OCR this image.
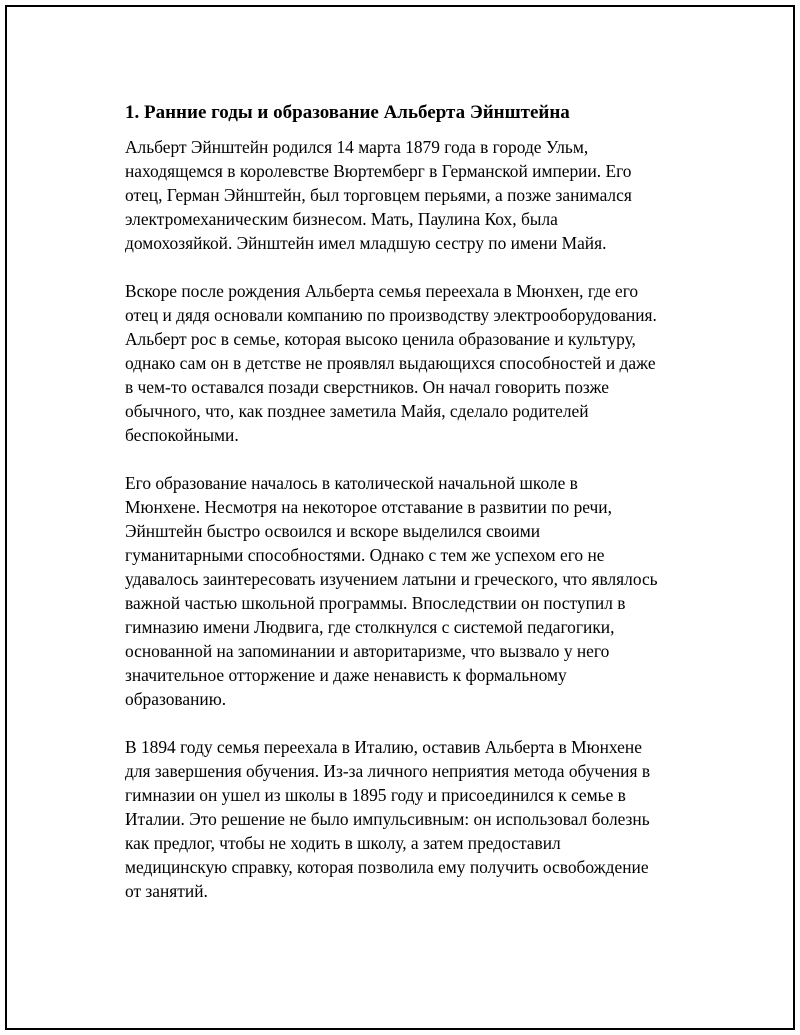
1. Ранние годы и образование Альберта Эйнштейна

Альберт Эйнштейн родился 14 марта 1879 года в городе Ульм,
находящемся в королевстве Вюртемберг в Германской империи. Его
отец, Герман Эйнштейн, был торговцем перьями, а позже занимался
электромеханическим бизнесом. Мать, Паулина Кох, была
домохозяйкой. Эйнштейн имел младшую сестру по имени Майя.

Вскоре после рождения Альберта семья переехала в Мюнхен, где его
отец и дядя основали компанию по производству электрооборудования.
Альберт рос в семье, которая высоко ценила образование и культуру,
однако сам он в детстве не проявлял выдающихся способностей и даже
в чем-то оставался позади сверстников. Он начал говорить позже
обычного, что, как позднее заметила Майя, сделало родителей
беспокойными.

Его образование началось в католической начальной школе в
Мюнхене. Несмотря на некоторое отставание в развитии по речи,
Эйнштейн быстро освоился и вскоре выделился своими
гуманитарными способностями. Однако с тем же успехом его не
удавалось заинтересовать изучением латыни и греческого, что являлось
важной частью школьной программы. Впоследствии он поступил в
гимназию имени Людвига, где столкнулся с системой педагогики,
основанной на запоминании и авторитаризме, что вызвало у него
значительное отторжение и даже ненависть к формальному
образованию.

В 1894 году семья переехала в Италию, оставив Альберта в Мюнхене
для завершения обучения. Из-за личного неприятия метода обучения в
гимназии он ушел из школы в 1895 году и присоединился к семье в
Италии. Это решение не было импульсивным: он использовал болезнь
как предлог, чтобы не ходить в школу, а затем предоставил
медицинскую справку, которая позволила ему получить освобождение
от занятий.
